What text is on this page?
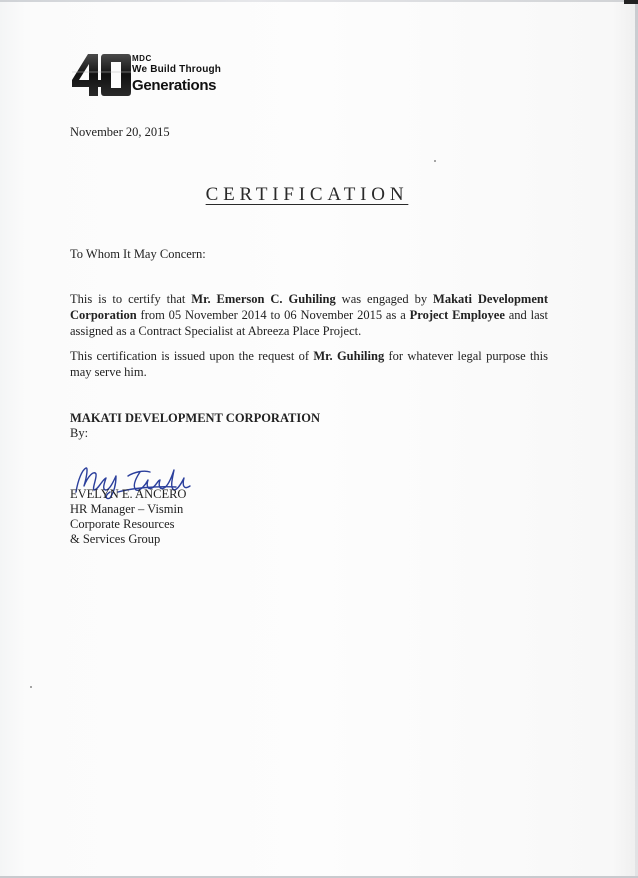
MDC
We Build Through
Generations
November 20, 2015
CERTIFICATION
To Whom It May Concern:
This is to certify that Mr. Emerson C. Guhiling was engaged by Makati Development Corporation from 05 November 2014 to 06 November 2015 as a Project Employee and last assigned as a Contract Specialist at Abreeza Place Project.
This certification is issued upon the request of Mr. Guhiling for whatever legal purpose this may serve him.
MAKATI DEVELOPMENT CORPORATION
By:
EVELYN E. ANCERO
HR Manager – Vismin
Corporate Resources
& Services Group
